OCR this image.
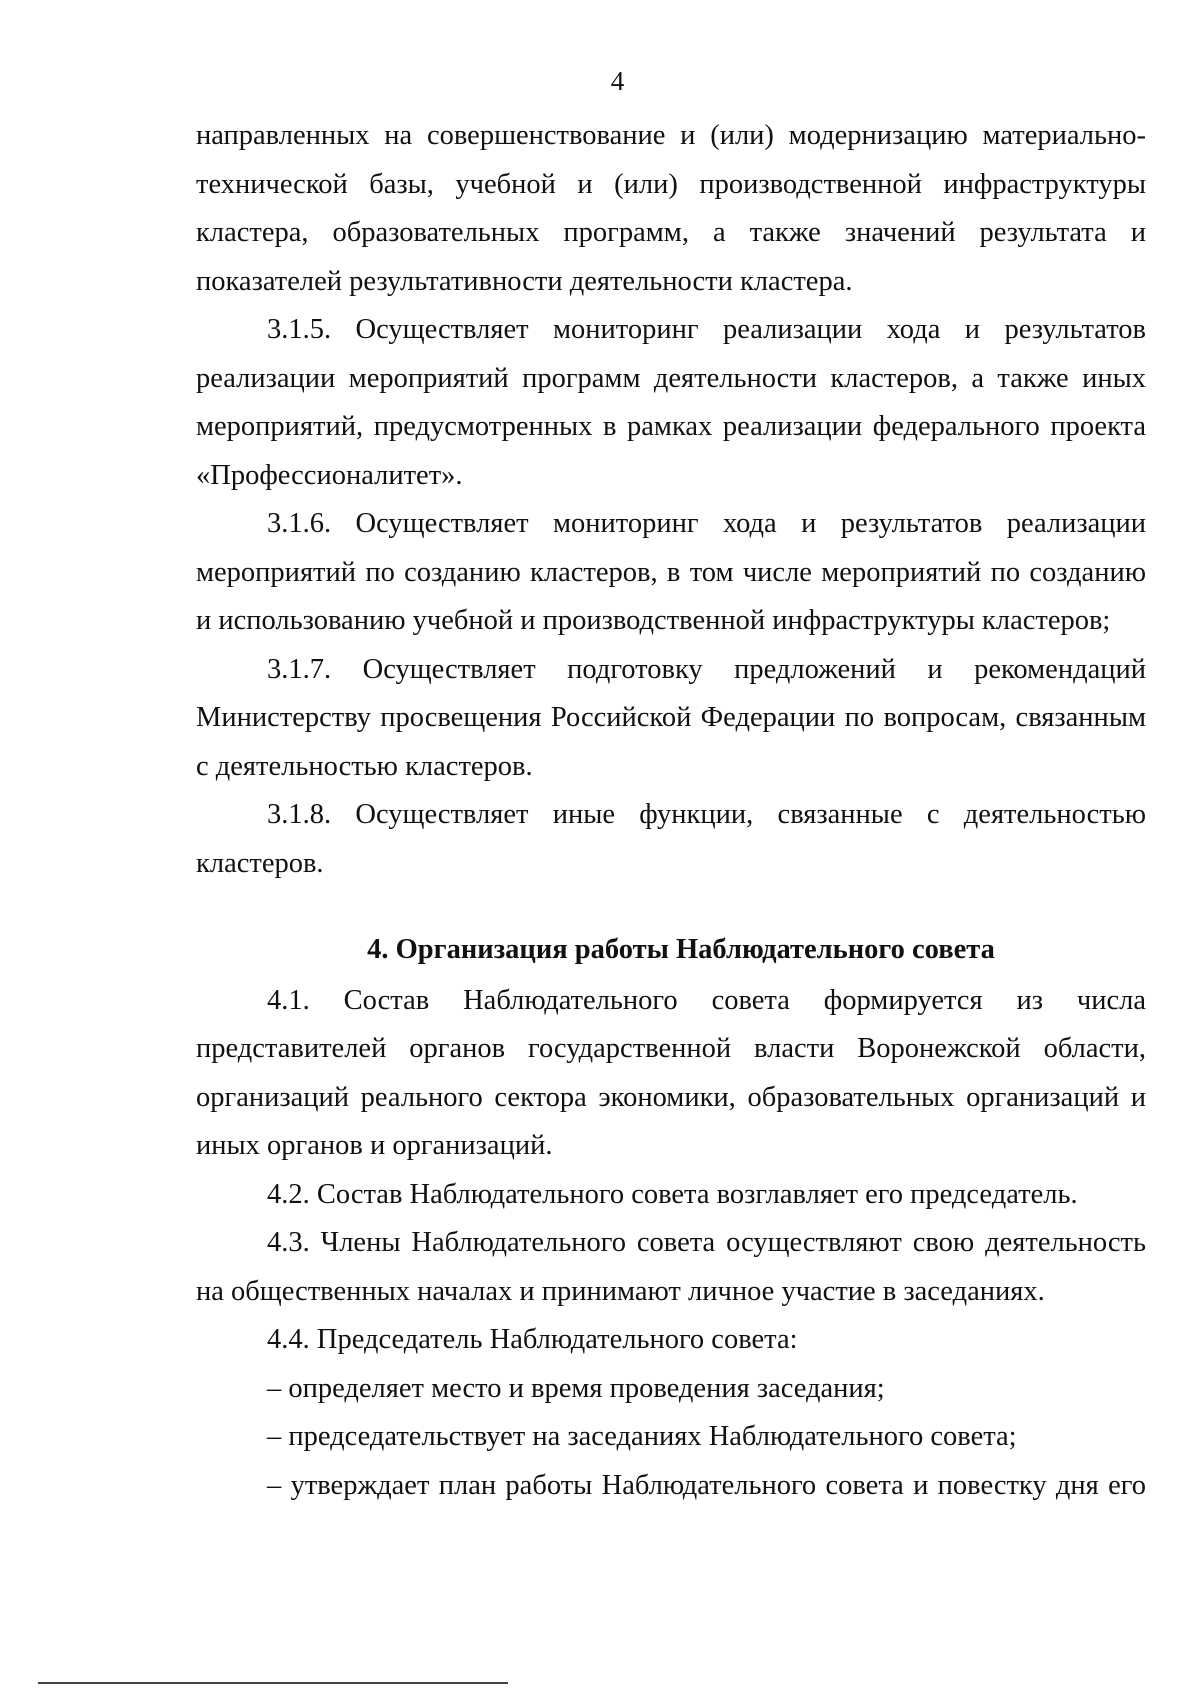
4

направленных на совершенствование и (или) модернизацию материально-технической базы, учебной и (или) производственной инфраструктуры кластера, образовательных программ, а также значений результата и показателей результативности деятельности кластера.

3.1.5. Осуществляет мониторинг реализации хода и результатов реализации мероприятий программ деятельности кластеров, а также иных мероприятий, предусмотренных в рамках реализации федерального проекта «Профессионалитет».

3.1.6. Осуществляет мониторинг хода и результатов реализации мероприятий по созданию кластеров, в том числе мероприятий по созданию и использованию учебной и производственной инфраструктуры кластеров;

3.1.7. Осуществляет подготовку предложений и рекомендаций Министерству просвещения Российской Федерации по вопросам, связанным с деятельностью кластеров.

3.1.8. Осуществляет иные функции, связанные с деятельностью кластеров.

4. Организация работы Наблюдательного совета

4.1. Состав Наблюдательного совета формируется из числа представителей органов государственной власти Воронежской области, организаций реального сектора экономики, образовательных организаций и иных органов и организаций.

4.2. Состав Наблюдательного совета возглавляет его председатель.

4.3. Члены Наблюдательного совета осуществляют свою деятельность на общественных началах и принимают личное участие в заседаниях.

4.4. Председатель Наблюдательного совета:

– определяет место и время проведения заседания;

– председательствует на заседаниях Наблюдательного совета;

– утверждает план работы Наблюдательного совета и повестку дня его
